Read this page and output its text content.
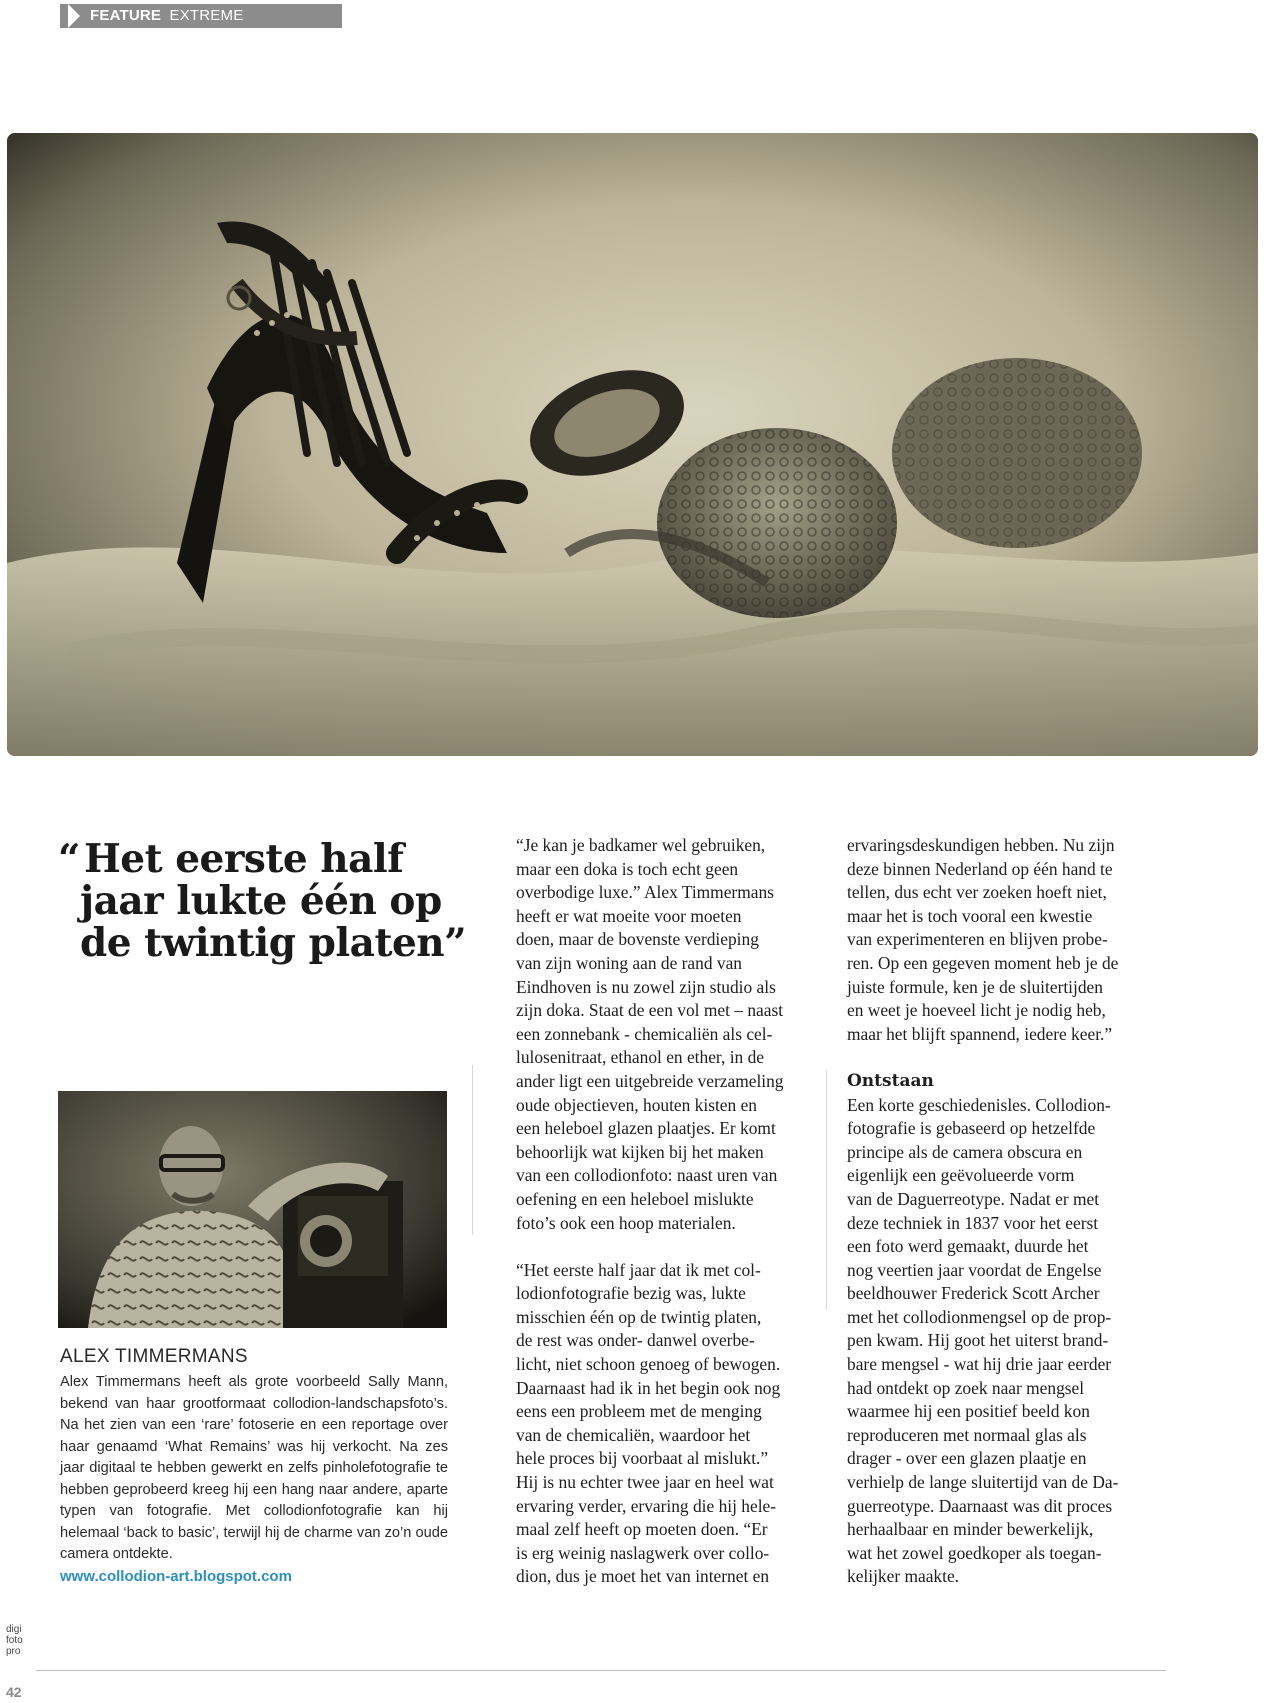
FEATURE EXTREME FOTOGRAFIE
“ Het eerste half
jaar lukte één op
de twintig platen”
ALEX TIMMERMANS
Alex Timmermans heeft als grote voorbeeld Sally Mann, bekend van haar grootformaat collodion-landschapsfoto’s. Na het zien van een ‘rare’ fotoserie en een reportage over haar genaamd ‘What Remains’ was hij verkocht. Na zes jaar digitaal te hebben gewerkt en zelfs pinholefotografie te hebben geprobeerd kreeg hij een hang naar andere, aparte typen van fotografie. Met collodionfotografie kan hij helemaal ‘back to basic’, terwijl hij de charme van zo’n oude camera ontdekte.
www.collodion-art.blogspot.com
“Je kan je badkamer wel gebruiken,
maar een doka is toch echt geen
overbodige luxe.” Alex Timmermans
heeft er wat moeite voor moeten
doen, maar de bovenste verdieping
van zijn woning aan de rand van
Eindhoven is nu zowel zijn studio als
zijn doka. Staat de een vol met – naast
een zonnebank - chemicaliën als cel-
lulosenitraat, ethanol en ether, in de
ander ligt een uitgebreide verzameling
oude objectieven, houten kisten en
een heleboel glazen plaatjes. Er komt
behoorlijk wat kijken bij het maken
van een collodionfoto: naast uren van
oefening en een heleboel mislukte
foto’s ook een hoop materialen.
“Het eerste half jaar dat ik met col-
lodionfotografie bezig was, lukte
misschien één op de twintig platen,
de rest was onder- danwel overbe-
licht, niet schoon genoeg of bewogen.
Daarnaast had ik in het begin ook nog
eens een probleem met de menging
van de chemicaliën, waardoor het
hele proces bij voorbaat al mislukt.”
Hij is nu echter twee jaar en heel wat
ervaring verder, ervaring die hij hele-
maal zelf heeft op moeten doen. “Er
is erg weinig naslagwerk over collo-
dion, dus je moet het van internet en
ervaringsdeskundigen hebben. Nu zijn
deze binnen Nederland op één hand te
tellen, dus echt ver zoeken hoeft niet,
maar het is toch vooral een kwestie
van experimenteren en blijven probe-
ren. Op een gegeven moment heb je de
juiste formule, ken je de sluitertijden
en weet je hoeveel licht je nodig heb,
maar het blijft spannend, iedere keer.”
Ontstaan
Een korte geschiedenisles. Collodion-
fotografie is gebaseerd op hetzelfde
principe als de camera obscura en
eigenlijk een geëvolueerde vorm
van de Daguerreotype. Nadat er met
deze techniek in 1837 voor het eerst
een foto werd gemaakt, duurde het
nog veertien jaar voordat de Engelse
beeldhouwer Frederick Scott Archer
met het collodionmengsel op de prop-
pen kwam. Hij goot het uiterst brand-
bare mengsel - wat hij drie jaar eerder
had ontdekt op zoek naar mengsel
waarmee hij een positief beeld kon
reproduceren met normaal glas als
drager - over een glazen plaatje en
verhielp de lange sluitertijd van de Da-
guerreotype. Daarnaast was dit proces
herhaalbaar en minder bewerkelijk,
wat het zowel goedkoper als toegan-
kelijker maakte.
digi
foto
pro
42
